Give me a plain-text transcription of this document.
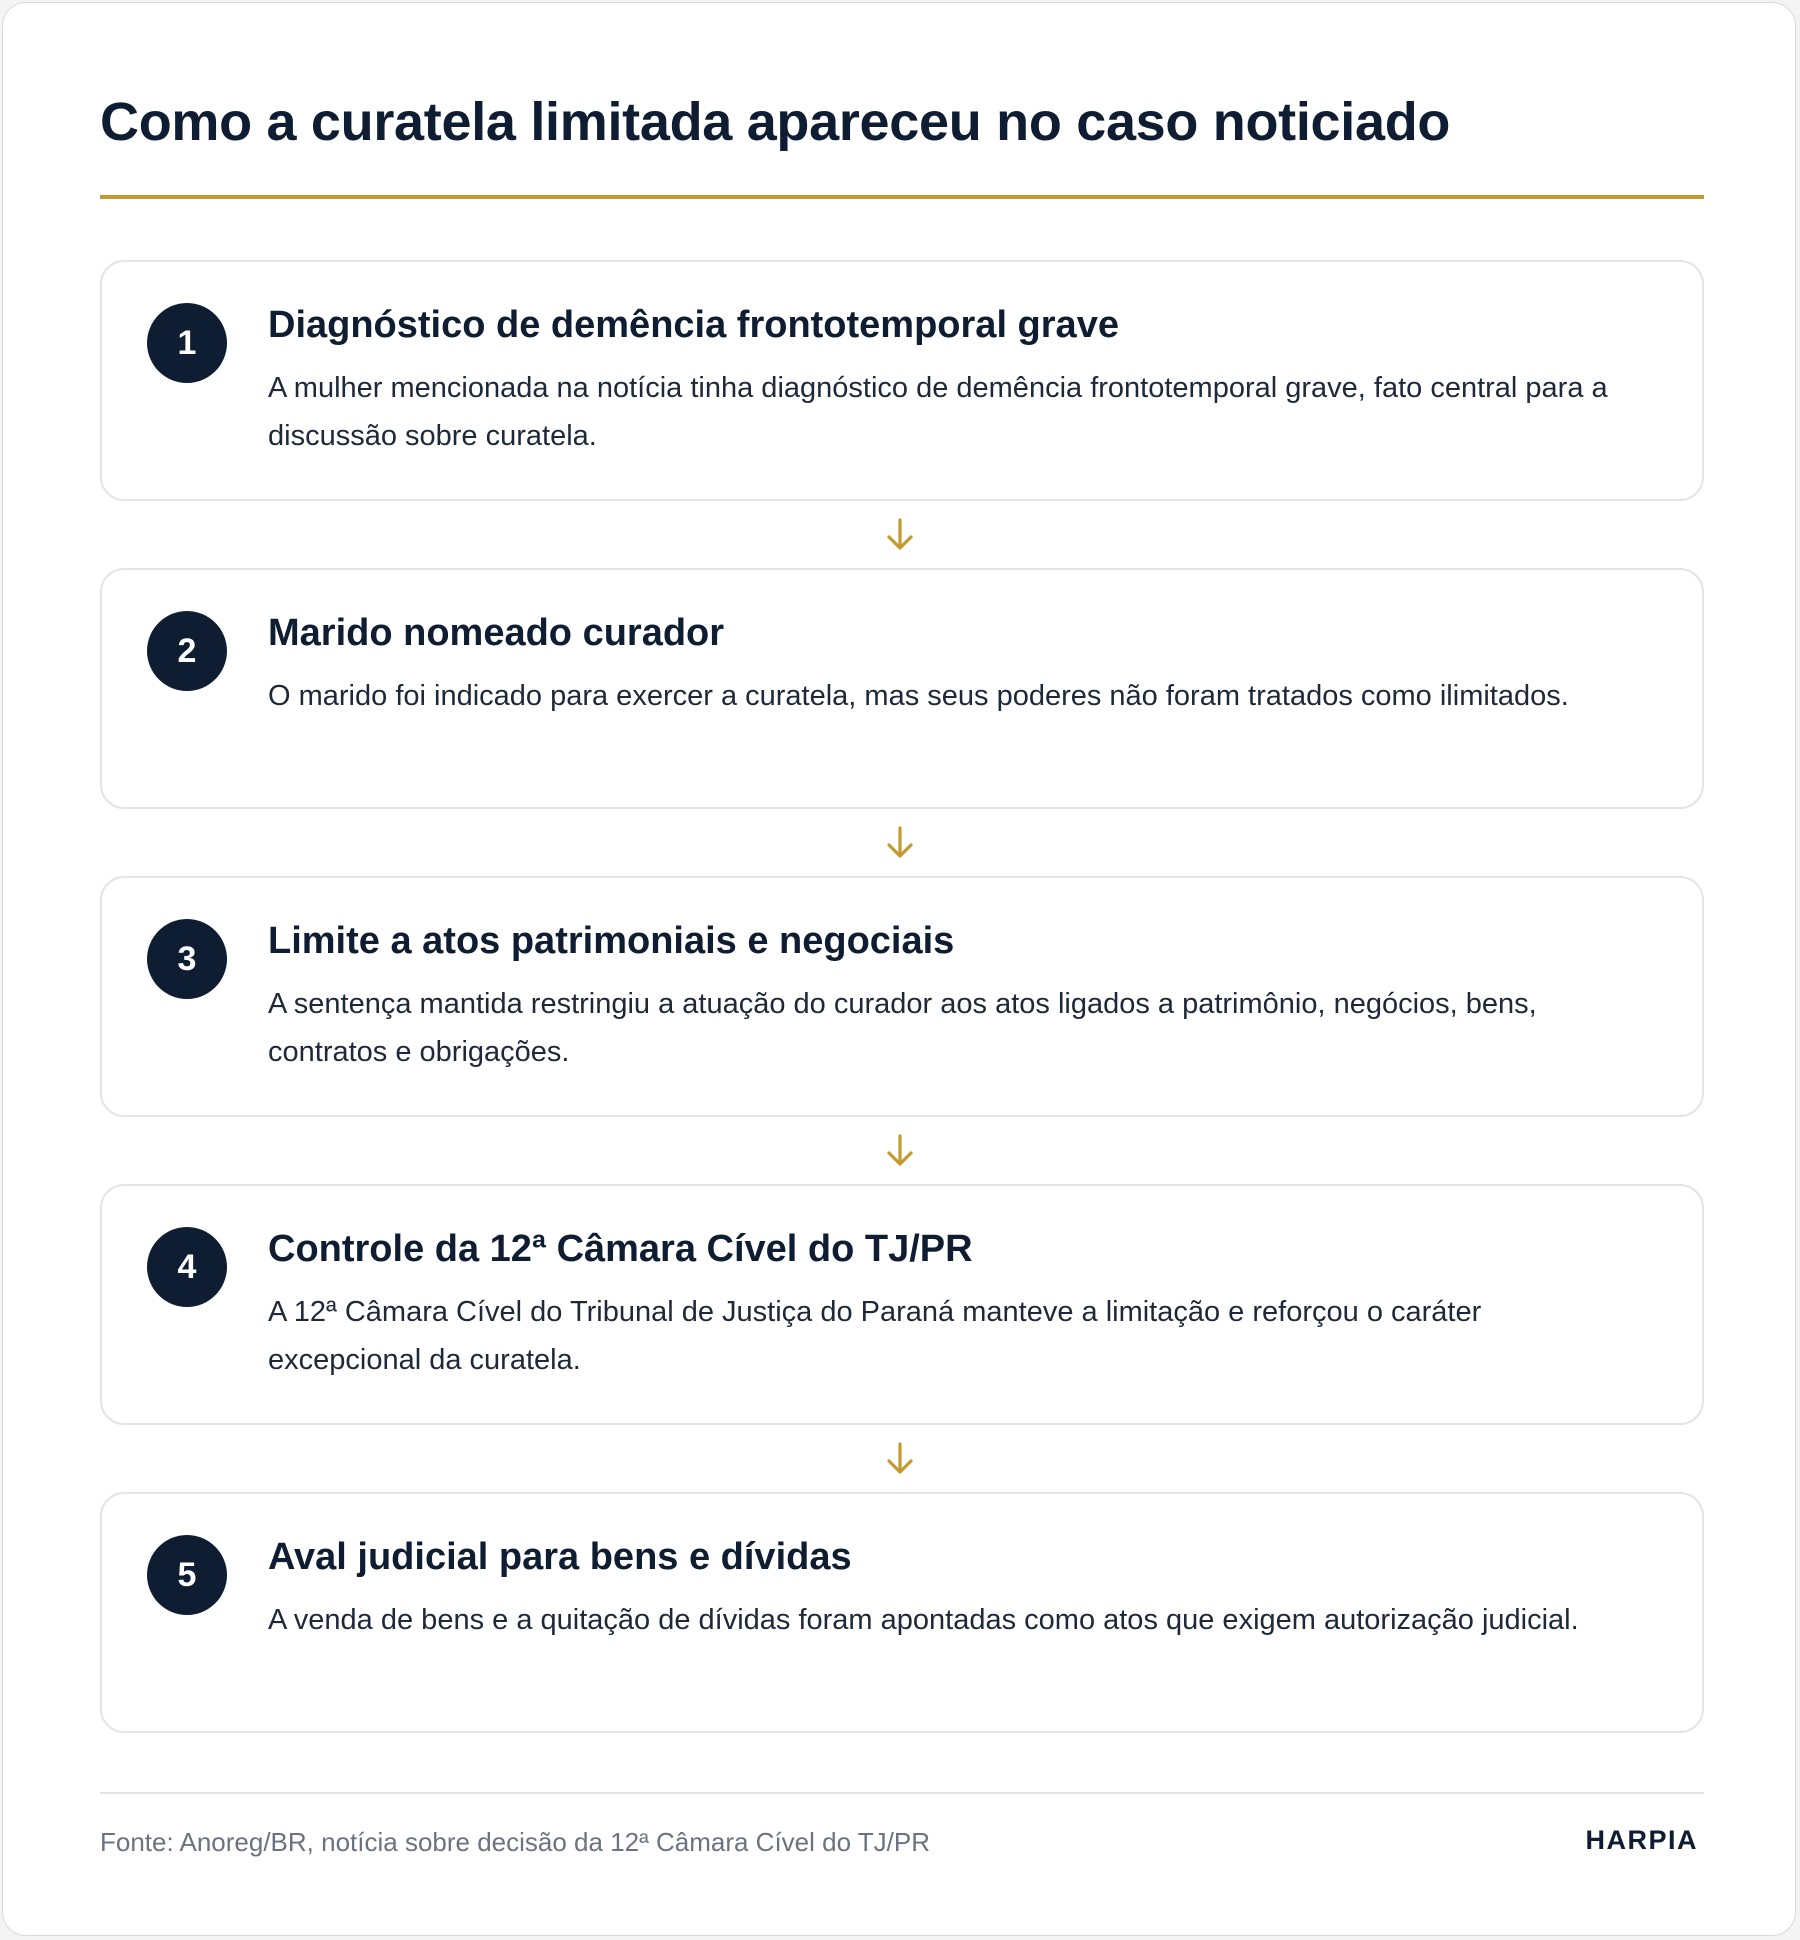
Como a curatela limitada apareceu no caso noticiado
1	Diagnóstico de demência frontotemporal grave

A mulher mencionada na notícia tinha diagnóstico de demência frontotemporal grave, fato central para a discussão sobre curatela.

2	Marido nomeado curador

O marido foi indicado para exercer a curatela, mas seus poderes não foram tratados como ilimitados.

3	Limite a atos patrimoniais e negociais

A sentença mantida restringiu a atuação do curador aos atos ligados a patrimônio, negócios, bens, contratos e obrigações.

4	Controle da 12ª Câmara Cível do TJ/PR

A 12ª Câmara Cível do Tribunal de Justiça do Paraná manteve a limitação e reforçou o caráter excepcional da curatela.

5	Aval judicial para bens e dívidas

A venda de bens e a quitação de dívidas foram apontadas como atos que exigem autorização judicial.

Fonte: Anoreg/BR, notícia sobre decisão da 12ª Câmara Cível do TJ/PR	HARPIA
